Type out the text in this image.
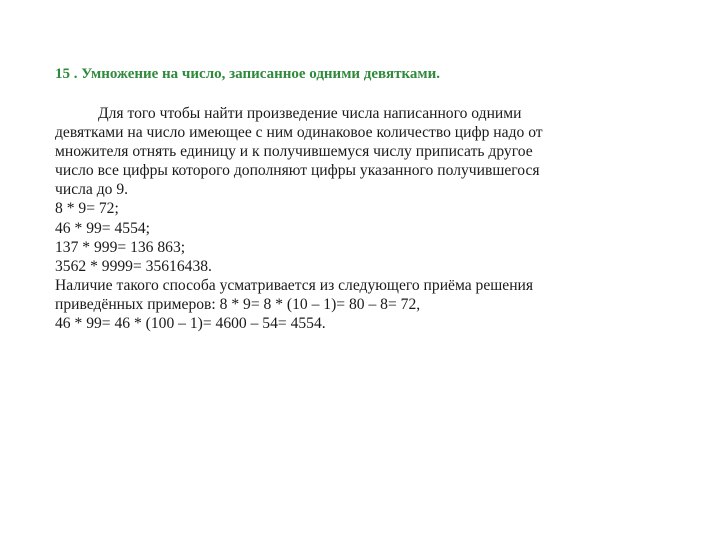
15 . Умножение на число, записанное одними девятками.
Для того чтобы найти произведение числа написанного одними
девятками на число имеющее с ним одинаковое количество цифр надо от
множителя отнять единицу и к получившемуся числу приписать другое
число все цифры которого дополняют цифры указанного получившегося
числа до 9.
8 * 9= 72;
46 * 99= 4554;
137 * 999= 136 863;
3562 * 9999= 35616438.
Наличие такого способа усматривается из следующего приёма решения
приведённых примеров: 8 * 9= 8 * (10 – 1)= 80 – 8= 72,
46 * 99= 46 * (100 – 1)= 4600 – 54= 4554.
